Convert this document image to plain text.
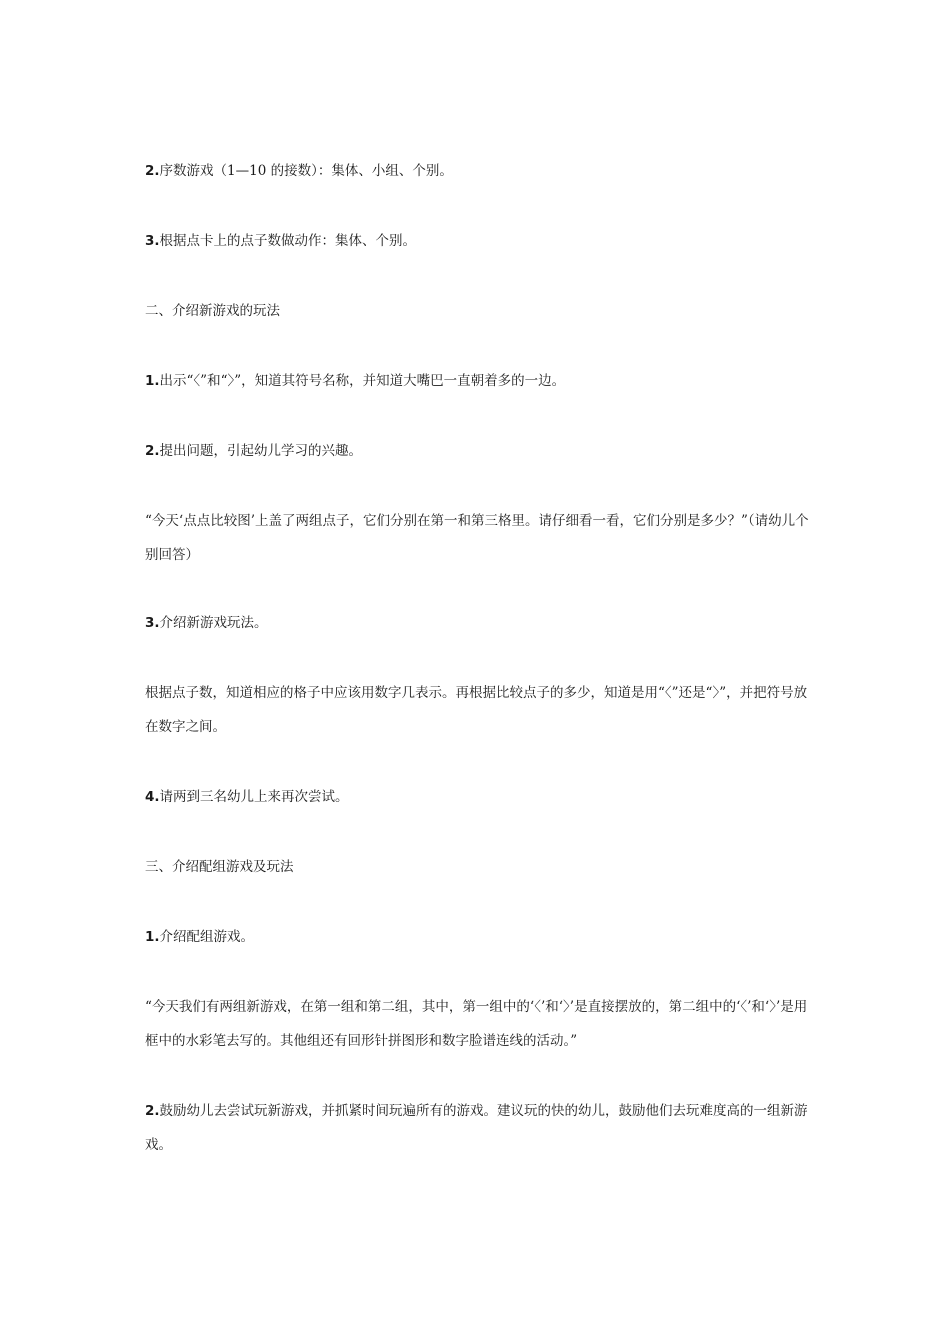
2.序数游戏（1—10 的接数）：集体、小组、个别。

3.根据点卡上的点子数做动作：集体、个别。

二、介绍新游戏的玩法

1.出示“〈”和“〉”，知道其符号名称，并知道大嘴巴一直朝着多的一边。

2.提出问题，引起幼儿学习的兴趣。

“今天‘点点比较图’上盖了两组点子，它们分别在第一和第三格里。请仔细看一看，它们分别是多少？”（请幼儿个别回答）

3.介绍新游戏玩法。

根据点子数，知道相应的格子中应该用数字几表示。再根据比较点子的多少，知道是用“〈”还是“〉”，并把符号放在数字之间。

4.请两到三名幼儿上来再次尝试。

三、介绍配组游戏及玩法

1.介绍配组游戏。

“今天我们有两组新游戏，在第一组和第二组，其中，第一组中的‘〈’和‘〉’是直接摆放的，第二组中的‘〈’和‘〉’是用框中的水彩笔去写的。其他组还有回形针拼图形和数字脸谱连线的活动。”

2.鼓励幼儿去尝试玩新游戏，并抓紧时间玩遍所有的游戏。建议玩的快的幼儿，鼓励他们去玩难度高的一组新游戏。
